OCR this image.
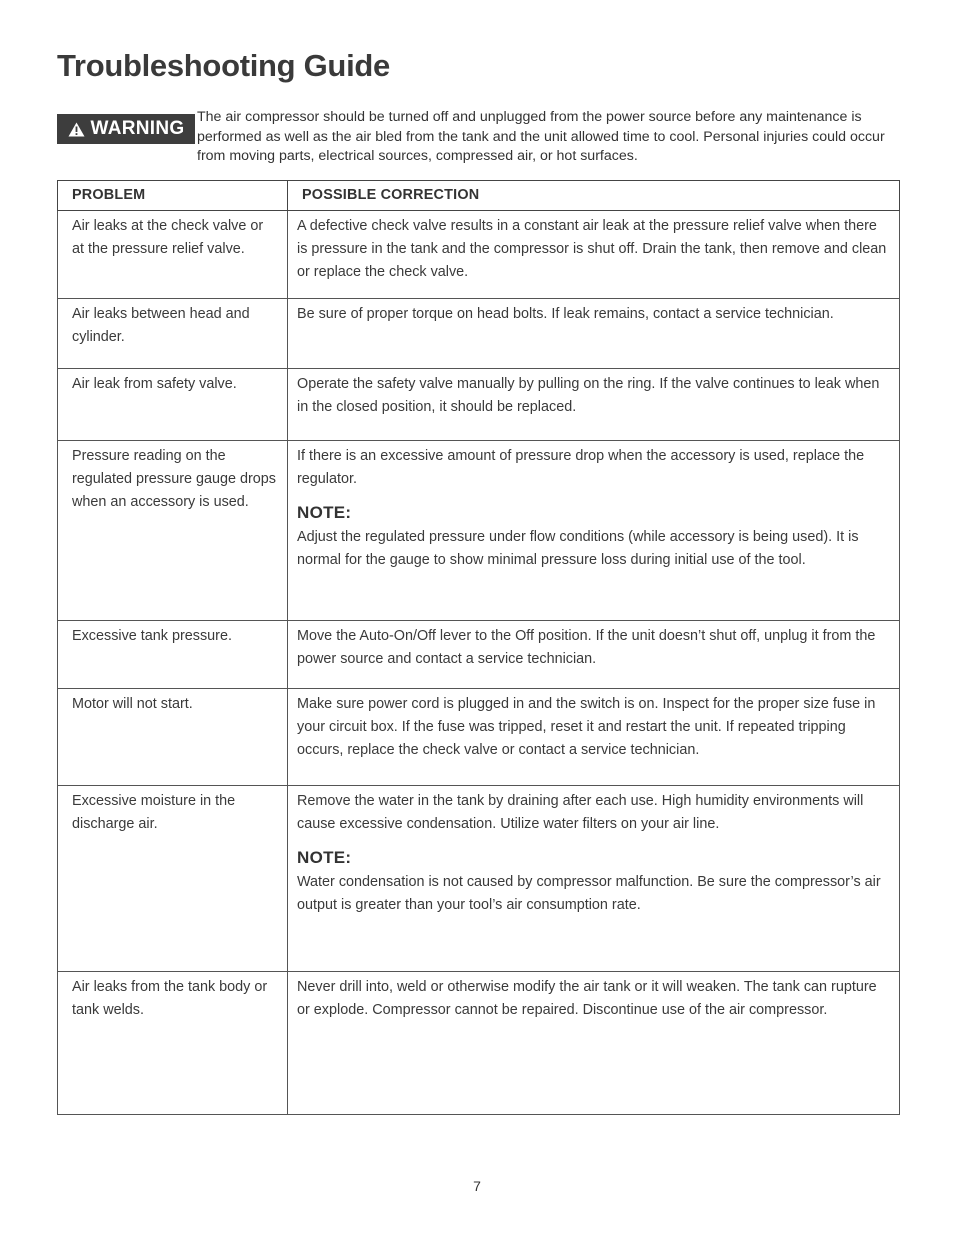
Troubleshooting Guide
WARNING

The air compressor should be turned off and unplugged from the power source before any maintenance is performed as well as the air bled from the tank and the unit allowed time to cool. Personal injuries could occur from moving parts, electrical sources, compressed air, or hot surfaces.

PROBLEM	POSSIBLE CORRECTION
Air leaks at the check valve or at the pressure relief valve.	A defective check valve results in a constant air leak at the pressure relief valve when there is pressure in the tank and the compressor is shut off. Drain the tank, then remove and clean or replace the check valve.

Air leaks between head and cylinder.	Be sure of proper torque on head bolts. If leak remains, contact a service technician.

Air leak from safety valve.	Operate the safety valve manually by pulling on the ring. If the valve continues to leak when in the closed position, it should be replaced.

Pressure reading on the regulated pressure gauge drops when an accessory is used.	If there is an excessive amount of pressure drop when the accessory is used, replace the regulator.
NOTE:
Adjust the regulated pressure under flow conditions (while accessory is being used). It is normal for the gauge to show minimal pressure loss during initial use of the tool.

Excessive tank pressure.	Move the Auto-On/Off lever to the Off position. If the unit doesn’t shut off, unplug it from the power source and contact a service technician.

Motor will not start.	Make sure power cord is plugged in and the switch is on. Inspect for the proper size fuse in your circuit box. If the fuse was tripped, reset it and restart the unit. If repeated tripping occurs, replace the check valve or contact a service technician.

Excessive moisture in the discharge air.	Remove the water in the tank by draining after each use. High humidity environments will cause excessive condensation. Utilize water filters on your air line.
NOTE:
Water condensation is not caused by compressor malfunction. Be sure the compressor’s air output is greater than your tool’s air consumption rate.

Air leaks from the tank body or tank welds.	Never drill into, weld or otherwise modify the air tank or it will weaken. The tank can rupture or explode. Compressor cannot be repaired. Discontinue use of the air compressor.
7
